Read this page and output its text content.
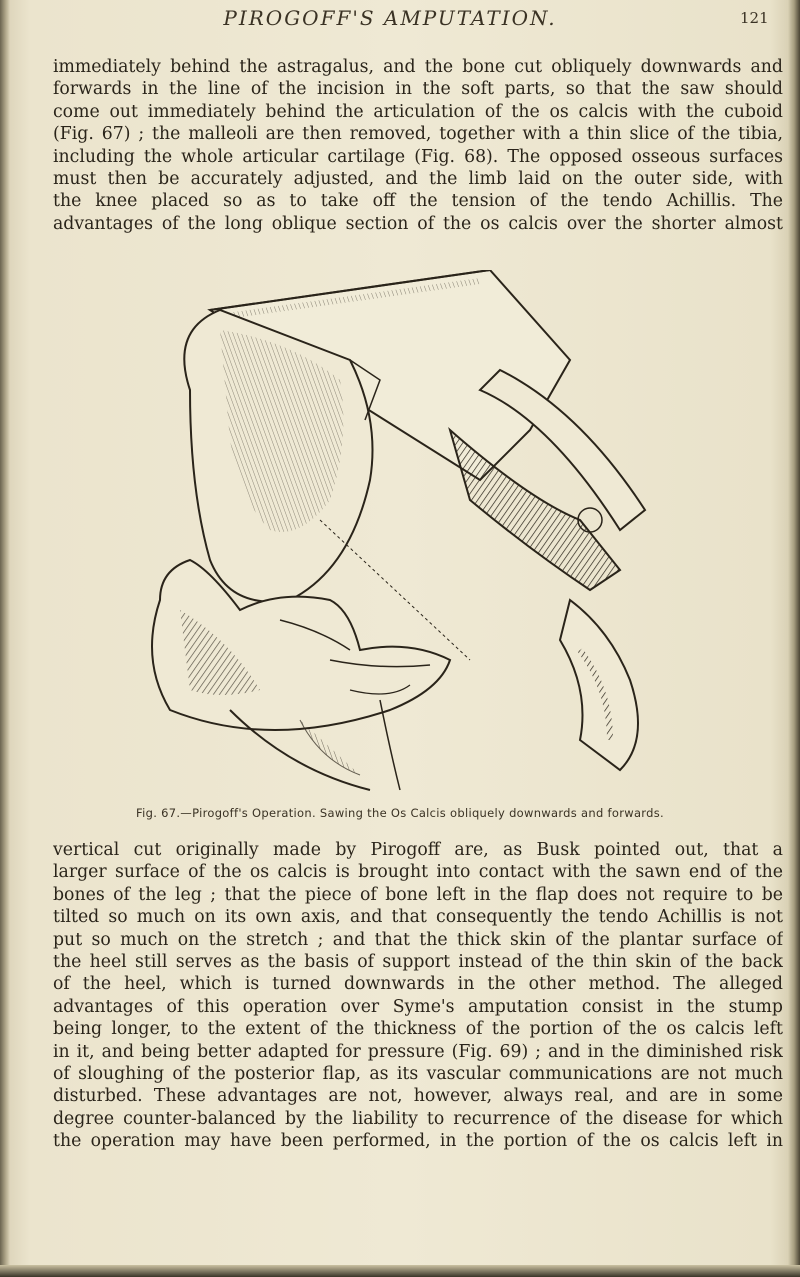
PIROGOFF'S AMPUTATION.	121
immediately behind the astragalus, and the bone cut obliquely downwards and
forwards in the line of the incision in the soft parts, so that the saw should
come out immediately behind the articulation of the os calcis with the cuboid
(Fig. 67) ; the malleoli are then removed, together with a thin slice of the tibia,
including the whole articular cartilage (Fig. 68). The opposed osseous surfaces
must then be accurately adjusted, and the limb laid on the outer side, with
the knee placed so as to take off the tension of the tendo Achillis. The
advantages of the long oblique section of the os calcis over the shorter almost
Fig. 67.—Pirogoff's Operation. Sawing the Os Calcis obliquely downwards and forwards.
vertical cut originally made by Pirogoff are, as Busk pointed out, that a
larger surface of the os calcis is brought into contact with the sawn end of the
bones of the leg ; that the piece of bone left in the flap does not require to be
tilted so much on its own axis, and that consequently the tendo Achillis is not
put so much on the stretch ; and that the thick skin of the plantar surface of
the heel still serves as the basis of support instead of the thin skin of the back
of the heel, which is turned downwards in the other method. The alleged
advantages of this operation over Syme's amputation consist in the stump
being longer, to the extent of the thickness of the portion of the os calcis left
in it, and being better adapted for pressure (Fig. 69) ; and in the diminished risk
of sloughing of the posterior flap, as its vascular communications are not much
disturbed. These advantages are not, however, always real, and are in some
degree counter-balanced by the liability to recurrence of the disease for which
the operation may have been performed, in the portion of the os calcis left in
